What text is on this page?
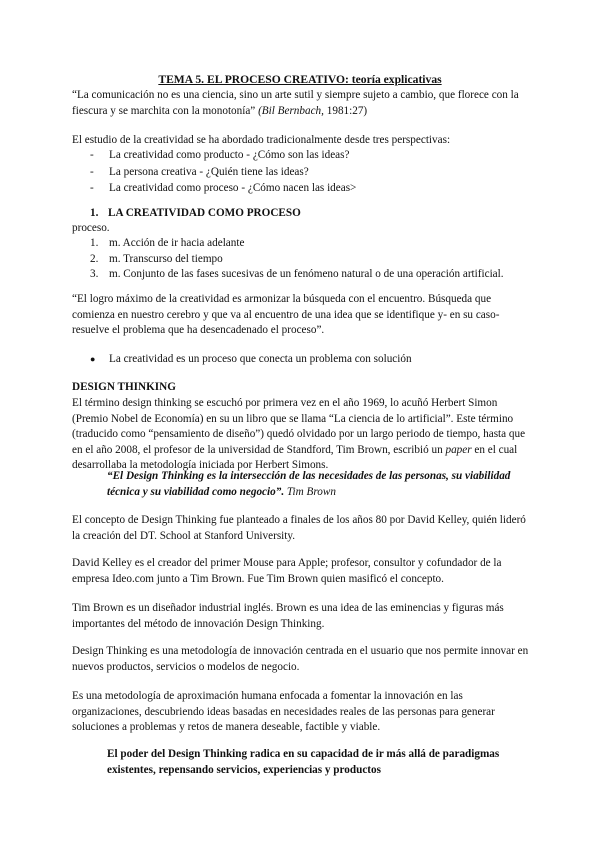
TEMA 5. EL PROCESO CREATIVO: teoría explicativas
“La comunicación no es una ciencia, sino un arte sutil y siempre sujeto a cambio, que florece con la fiescura y se marchita con la monotonía” (Bil Bernbach, 1981:27)
El estudio de la creatividad se ha abordado tradicionalmente desde tres perspectivas:
- La creatividad como producto - ¿Cómo son las ideas?
- La persona creativa - ¿Quién tiene las ideas?
- La creatividad como proceso - ¿Cómo nacen las ideas>
1. LA CREATIVIDAD COMO PROCESO
proceso.
1. m. Acción de ir hacia adelante
2. m. Transcurso del tiempo
3. m. Conjunto de las fases sucesivas de un fenómeno natural o de una operación artificial.
“El logro máximo de la creatividad es armonizar la búsqueda con el encuentro. Búsqueda que comienza en nuestro cerebro y que va al encuentro de una idea que se identifique y- en su caso- resuelve el problema que ha desencadenado el proceso”.
● La creatividad es un proceso que conecta un problema con solución
DESIGN THINKING
El término design thinking se escuchó por primera vez en el año 1969, lo acuñó Herbert Simon (Premio Nobel de Economía) en su un libro que se llama “La ciencia de lo artificial”. Este término (traducido como “pensamiento de diseño”) quedó olvidado por un largo periodo de tiempo, hasta que en el año 2008, el profesor de la universidad de Standford, Tim Brown, escribió un paper en el cual desarrollaba la metodología iniciada por Herbert Simons.
“El Design Thinking es la intersección de las necesidades de las personas, su viabilidad técnica y su viabilidad como negocio”. Tim Brown
El concepto de Design Thinking fue planteado a finales de los años 80 por David Kelley, quién lideró la creación del DT. School at Stanford University.
David Kelley es el creador del primer Mouse para Apple; profesor, consultor y cofundador de la empresa Ideo.com junto a Tim Brown. Fue Tim Brown quien masificó el concepto.
Tim Brown es un diseñador industrial inglés. Brown es una idea de las eminencias y figuras más importantes del método de innovación Design Thinking.
Design Thinking es una metodología de innovación centrada en el usuario que nos permite innovar en nuevos productos, servicios o modelos de negocio.
Es una metodología de aproximación humana enfocada a fomentar la innovación en las organizaciones, descubriendo ideas basadas en necesidades reales de las personas para generar soluciones a problemas y retos de manera deseable, factible y viable.
El poder del Design Thinking radica en su capacidad de ir más allá de paradigmas existentes, repensando servicios, experiencias y productos
